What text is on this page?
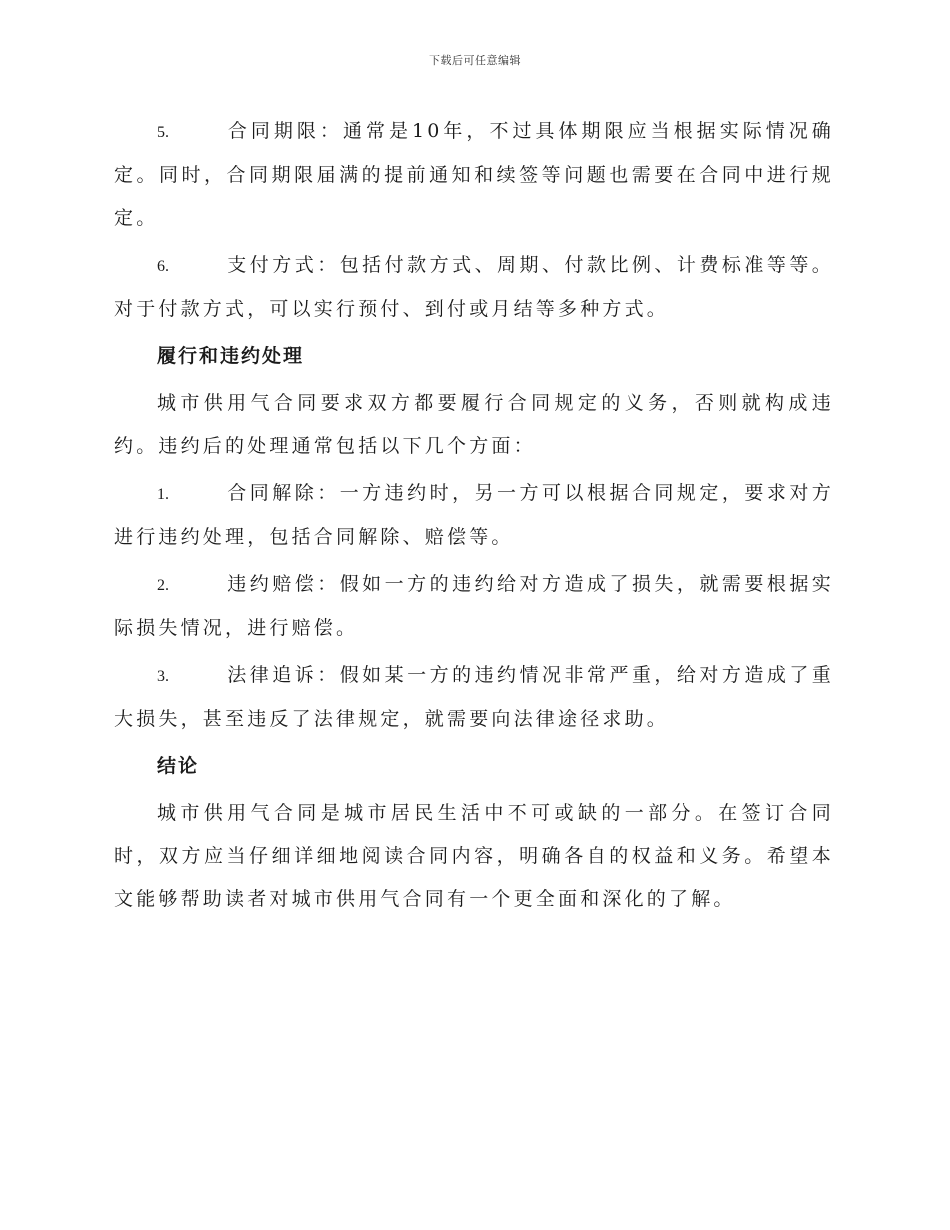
下载后可任意编辑

5.	合同期限：通常是10年，不过具体期限应当根据实际情况确定。同时，合同期限届满的提前通知和续签等问题也需要在合同中进行规定。

6.	支付方式：包括付款方式、周期、付款比例、计费标准等等。对于付款方式，可以实行预付、到付或月结等多种方式。

履行和违约处理

城市供用气合同要求双方都要履行合同规定的义务，否则就构成违约。违约后的处理通常包括以下几个方面：

1.	合同解除：一方违约时，另一方可以根据合同规定，要求对方进行违约处理，包括合同解除、赔偿等。

2.	违约赔偿：假如一方的违约给对方造成了损失，就需要根据实际损失情况，进行赔偿。

3.	法律追诉：假如某一方的违约情况非常严重，给对方造成了重大损失，甚至违反了法律规定，就需要向法律途径求助。

结论

城市供用气合同是城市居民生活中不可或缺的一部分。在签订合同时，双方应当仔细详细地阅读合同内容，明确各自的权益和义务。希望本文能够帮助读者对城市供用气合同有一个更全面和深化的了解。
